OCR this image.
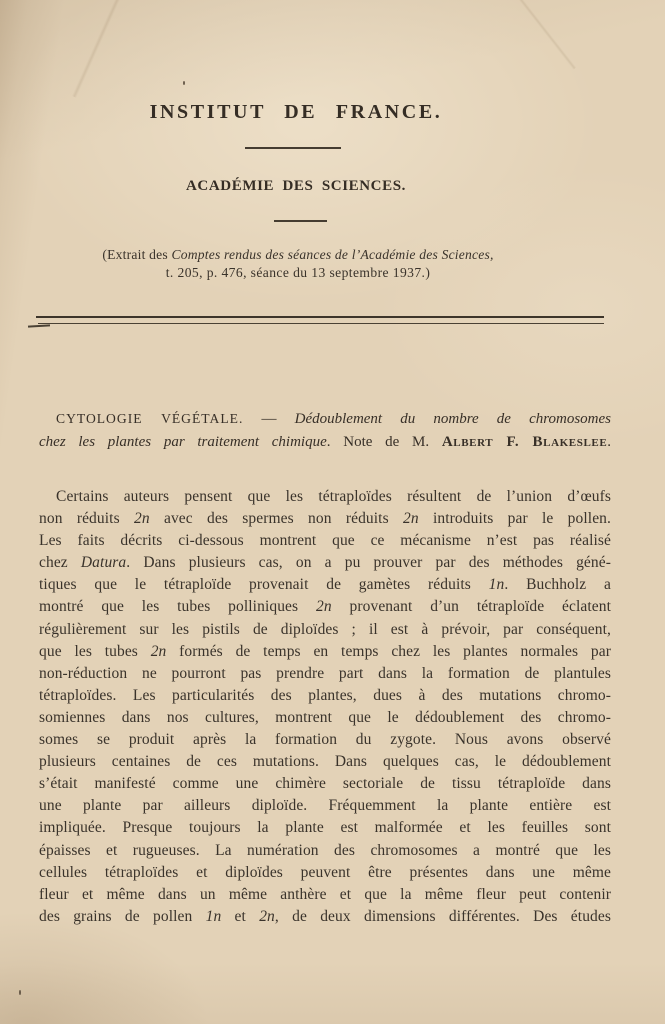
INSTITUT DE FRANCE.
ACADÉMIE DES SCIENCES.
(Extrait des Comptes rendus des séances de l’Académie des Sciences,
t. 205, p. 476, séance du 13 septembre 1937.)
CYTOLOGIE VÉGÉTALE. — Dédoublement du nombre de chromosomes
chez les plantes par traitement chimique. Note de M. Albert F. Blakeslee.
Certains auteurs pensent que les tétraploïdes résultent de l’union d’œufs
non réduits 2n avec des spermes non réduits 2n introduits par le pollen.
Les faits décrits ci-dessous montrent que ce mécanisme n’est pas réalisé
chez Datura. Dans plusieurs cas, on a pu prouver par des méthodes géné-
tiques que le tétraploïde provenait de gamètes réduits 1n. Buchholz a
montré que les tubes polliniques 2n provenant d’un tétraploïde éclatent
régulièrement sur les pistils de diploïdes ; il est à prévoir, par conséquent,
que les tubes 2n formés de temps en temps chez les plantes normales par
non-réduction ne pourront pas prendre part dans la formation de plantules
tétraploïdes. Les particularités des plantes, dues à des mutations chromo-
somiennes dans nos cultures, montrent que le dédoublement des chromo-
somes se produit après la formation du zygote. Nous avons observé
plusieurs centaines de ces mutations. Dans quelques cas, le dédoublement
s’était manifesté comme une chimère sectoriale de tissu tétraploïde dans
une plante par ailleurs diploïde. Fréquemment la plante entière est
impliquée. Presque toujours la plante est malformée et les feuilles sont
épaisses et rugueuses. La numération des chromosomes a montré que les
cellules tétraploïdes et diploïdes peuvent être présentes dans une même
fleur et même dans un même anthère et que la même fleur peut contenir
des grains de pollen 1n et 2n, de deux dimensions différentes. Des études
